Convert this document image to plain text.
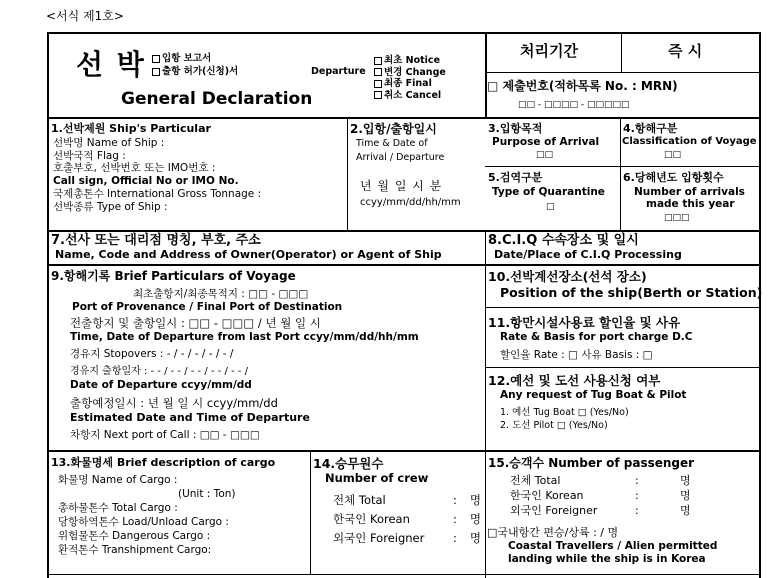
<서식 제1호>
선 박	입항 보고서
출항 허가(신청)서	Departure
최초 Notice
변경 Change
최종 Final
취소 Cancel
General Declaration
처리기간	즉 시
□ 제출번호(적하목록 No. : MRN)
□□ - □□□□ - □□□□□
1.선박제원 Ship's Particular
선박명 Name of Ship :
선박국적 Flag :
호출부호, 선박번호 또는 IMO번호 :
Call sign, Official No or IMO No.
국제총톤수 International Gross Tonnage :
선박종류 Type of Ship :
2.입항/출항일시
Time & Date of
Arrival / Departure
년 월 일 시 분
ccyy/mm/dd/hh/mm
3.입항목적
Purpose of Arrival
□□
4.항해구분
Classification of Voyage
□□
5.검역구분
Type of Quarantine
□
6.당해년도 입항횟수
Number of arrivals
made this year
□□□
7.선사 또는 대리점 명칭, 부호, 주소
Name, Code and Address of Owner(Operator) or Agent of Ship
8.C.I.Q 수속장소 및 일시
Date/Place of C.I.Q Processing
9.항해기록 Brief Particulars of Voyage
최초출항지/최종목적지 : □□ - □□□
Port of Provenance / Final Port of Destination
전출항지 및 출항일시 : □□ - □□□ / 년 월 일 시
Time, Date of Departure from last Port ccyy/mm/dd/hh/mm
경유지 Stopovers : - / - / - / - / - /
경유지 출항일자 : - - / - - / - - / - - / - - /
Date of Departure ccyy/mm/dd
출항예정일시 : 년 월 일 시 ccyy/mm/dd
Estimated Date and Time of Departure
차항지 Next port of Call : □□ - □□□
10.선박계선장소(선석 장소)
Position of the ship(Berth or Station)
11.항만시설사용료 할인율 및 사유
Rate & Basis for port charge D.C
할인율 Rate : □ 사유 Basis : □
12.예선 및 도선 사용신청 여부
Any request of Tug Boat & Pilot
1. 예선 Tug Boat □ (Yes/No)
2. 도선 Pilot □ (Yes/No)
13.화물명세 Brief description of cargo
화물명 Name of Cargo :
(Unit : Ton)
총하물톤수 Total Cargo :
당항하역톤수 Load/Unload Cargo :
위험물톤수 Dangerous Cargo :
환적톤수 Transhipment Cargo:
14.승무원수
Number of crew
전체 Total	: 명
한국인 Korean	: 명
외국인 Foreigner : 명
15.승객수 Number of passenger
전체 Total	:	명
한국인 Korean	:	명
외국인 Foreigner	:	명
□국내항간 편승/상륙 : / 명
Coastal Travellers / Alien permitted
landing while the ship is in Korea
